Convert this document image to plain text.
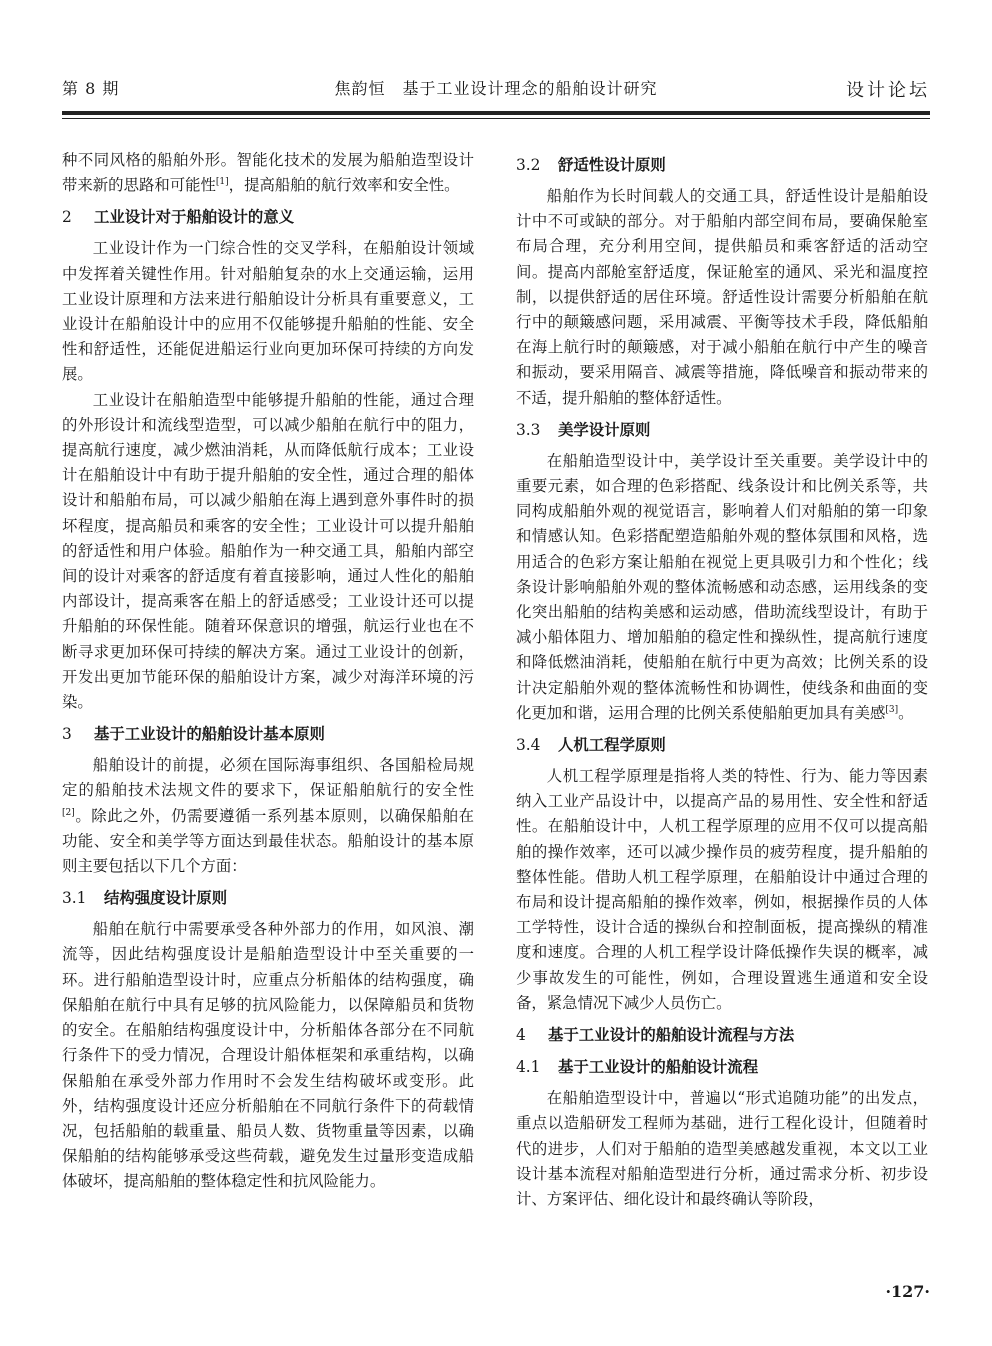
第 8 期	焦韵恒　基于工业设计理念的船舶设计研究	设计论坛

种不同风格的船舶外形。智能化技术的发展为船舶造型设计带来新的思路和可能性[1]，提高船舶的航行效率和安全性。

2 工业设计对于船舶设计的意义

工业设计作为一门综合性的交叉学科，在船舶设计领域中发挥着关键性作用。针对船舶复杂的水上交通运输，运用工业设计原理和方法来进行船舶设计分析具有重要意义，工业设计在船舶设计中的应用不仅能够提升船舶的性能、安全性和舒适性，还能促进船运行业向更加环保可持续的方向发展。

工业设计在船舶造型中能够提升船舶的性能，通过合理的外形设计和流线型造型，可以减少船舶在航行中的阻力，提高航行速度，减少燃油消耗，从而降低航行成本；工业设计在船舶设计中有助于提升船舶的安全性，通过合理的船体设计和船舶布局，可以减少船舶在海上遇到意外事件时的损坏程度，提高船员和乘客的安全性；工业设计可以提升船舶的舒适性和用户体验。船舶作为一种交通工具，船舶内部空间的设计对乘客的舒适度有着直接影响，通过人性化的船舶内部设计，提高乘客在船上的舒适感受；工业设计还可以提升船舶的环保性能。随着环保意识的增强，航运行业也在不断寻求更加环保可持续的解决方案。通过工业设计的创新，开发出更加节能环保的船舶设计方案，减少对海洋环境的污染。

3 基于工业设计的船舶设计基本原则

船舶设计的前提，必须在国际海事组织、各国船检局规定的船舶技术法规文件的要求下，保证船舶航行的安全性[2]。除此之外，仍需要遵循一系列基本原则，以确保船舶在功能、安全和美学等方面达到最佳状态。船舶设计的基本原则主要包括以下几个方面：

3.1 结构强度设计原则

船舶在航行中需要承受各种外部力的作用，如风浪、潮流等，因此结构强度设计是船舶造型设计中至关重要的一环。进行船舶造型设计时，应重点分析船体的结构强度，确保船舶在航行中具有足够的抗风险能力，以保障船员和货物的安全。在船舶结构强度设计中，分析船体各部分在不同航行条件下的受力情况，合理设计船体框架和承重结构，以确保船舶在承受外部力作用时不会发生结构破坏或变形。此外，结构强度设计还应分析船舶在不同航行条件下的荷载情况，包括船舶的载重量、船员人数、货物重量等因素，以确保船舶的结构能够承受这些荷载，避免发生过量形变造成船体破坏，提高船舶的整体稳定性和抗风险能力。

3.2 舒适性设计原则

船舶作为长时间载人的交通工具，舒适性设计是船舶设计中不可或缺的部分。对于船舶内部空间布局，要确保舱室布局合理，充分利用空间，提供船员和乘客舒适的活动空间。提高内部舱室舒适度，保证舱室的通风、采光和温度控制，以提供舒适的居住环境。舒适性设计需要分析船舶在航行中的颠簸感问题，采用减震、平衡等技术手段，降低船舶在海上航行时的颠簸感，对于减小船舶在航行中产生的噪音和振动，要采用隔音、减震等措施，降低噪音和振动带来的不适，提升船舶的整体舒适性。

3.3 美学设计原则

在船舶造型设计中，美学设计至关重要。美学设计中的重要元素，如合理的色彩搭配、线条设计和比例关系等，共同构成船舶外观的视觉语言，影响着人们对船舶的第一印象和情感认知。色彩搭配塑造船舶外观的整体氛围和风格，选用适合的色彩方案让船舶在视觉上更具吸引力和个性化；线条设计影响船舶外观的整体流畅感和动态感，运用线条的变化突出船舶的结构美感和运动感，借助流线型设计，有助于减小船体阻力、增加船舶的稳定性和操纵性，提高航行速度和降低燃油消耗，使船舶在航行中更为高效；比例关系的设计决定船舶外观的整体流畅性和协调性，使线条和曲面的变化更加和谐，运用合理的比例关系使船舶更加具有美感[3]。

3.4 人机工程学原则

人机工程学原理是指将人类的特性、行为、能力等因素纳入工业产品设计中，以提高产品的易用性、安全性和舒适性。在船舶设计中，人机工程学原理的应用不仅可以提高船舶的操作效率，还可以减少操作员的疲劳程度，提升船舶的整体性能。借助人机工程学原理，在船舶设计中通过合理的布局和设计提高船舶的操作效率，例如，根据操作员的人体工学特性，设计合适的操纵台和控制面板，提高操纵的精准度和速度。合理的人机工程学设计降低操作失误的概率，减少事故发生的可能性，例如，合理设置逃生通道和安全设备，紧急情况下减少人员伤亡。

4 基于工业设计的船舶设计流程与方法
4.1 基于工业设计的船舶设计流程

在船舶造型设计中，普遍以“形式追随功能”的出发点，重点以造船研发工程师为基础，进行工程化设计，但随着时代的进步，人们对于船舶的造型美感越发重视，本文以工业设计基本流程对船舶造型进行分析，通过需求分析、初步设计、方案评估、细化设计和最终确认等阶段，

·127·
